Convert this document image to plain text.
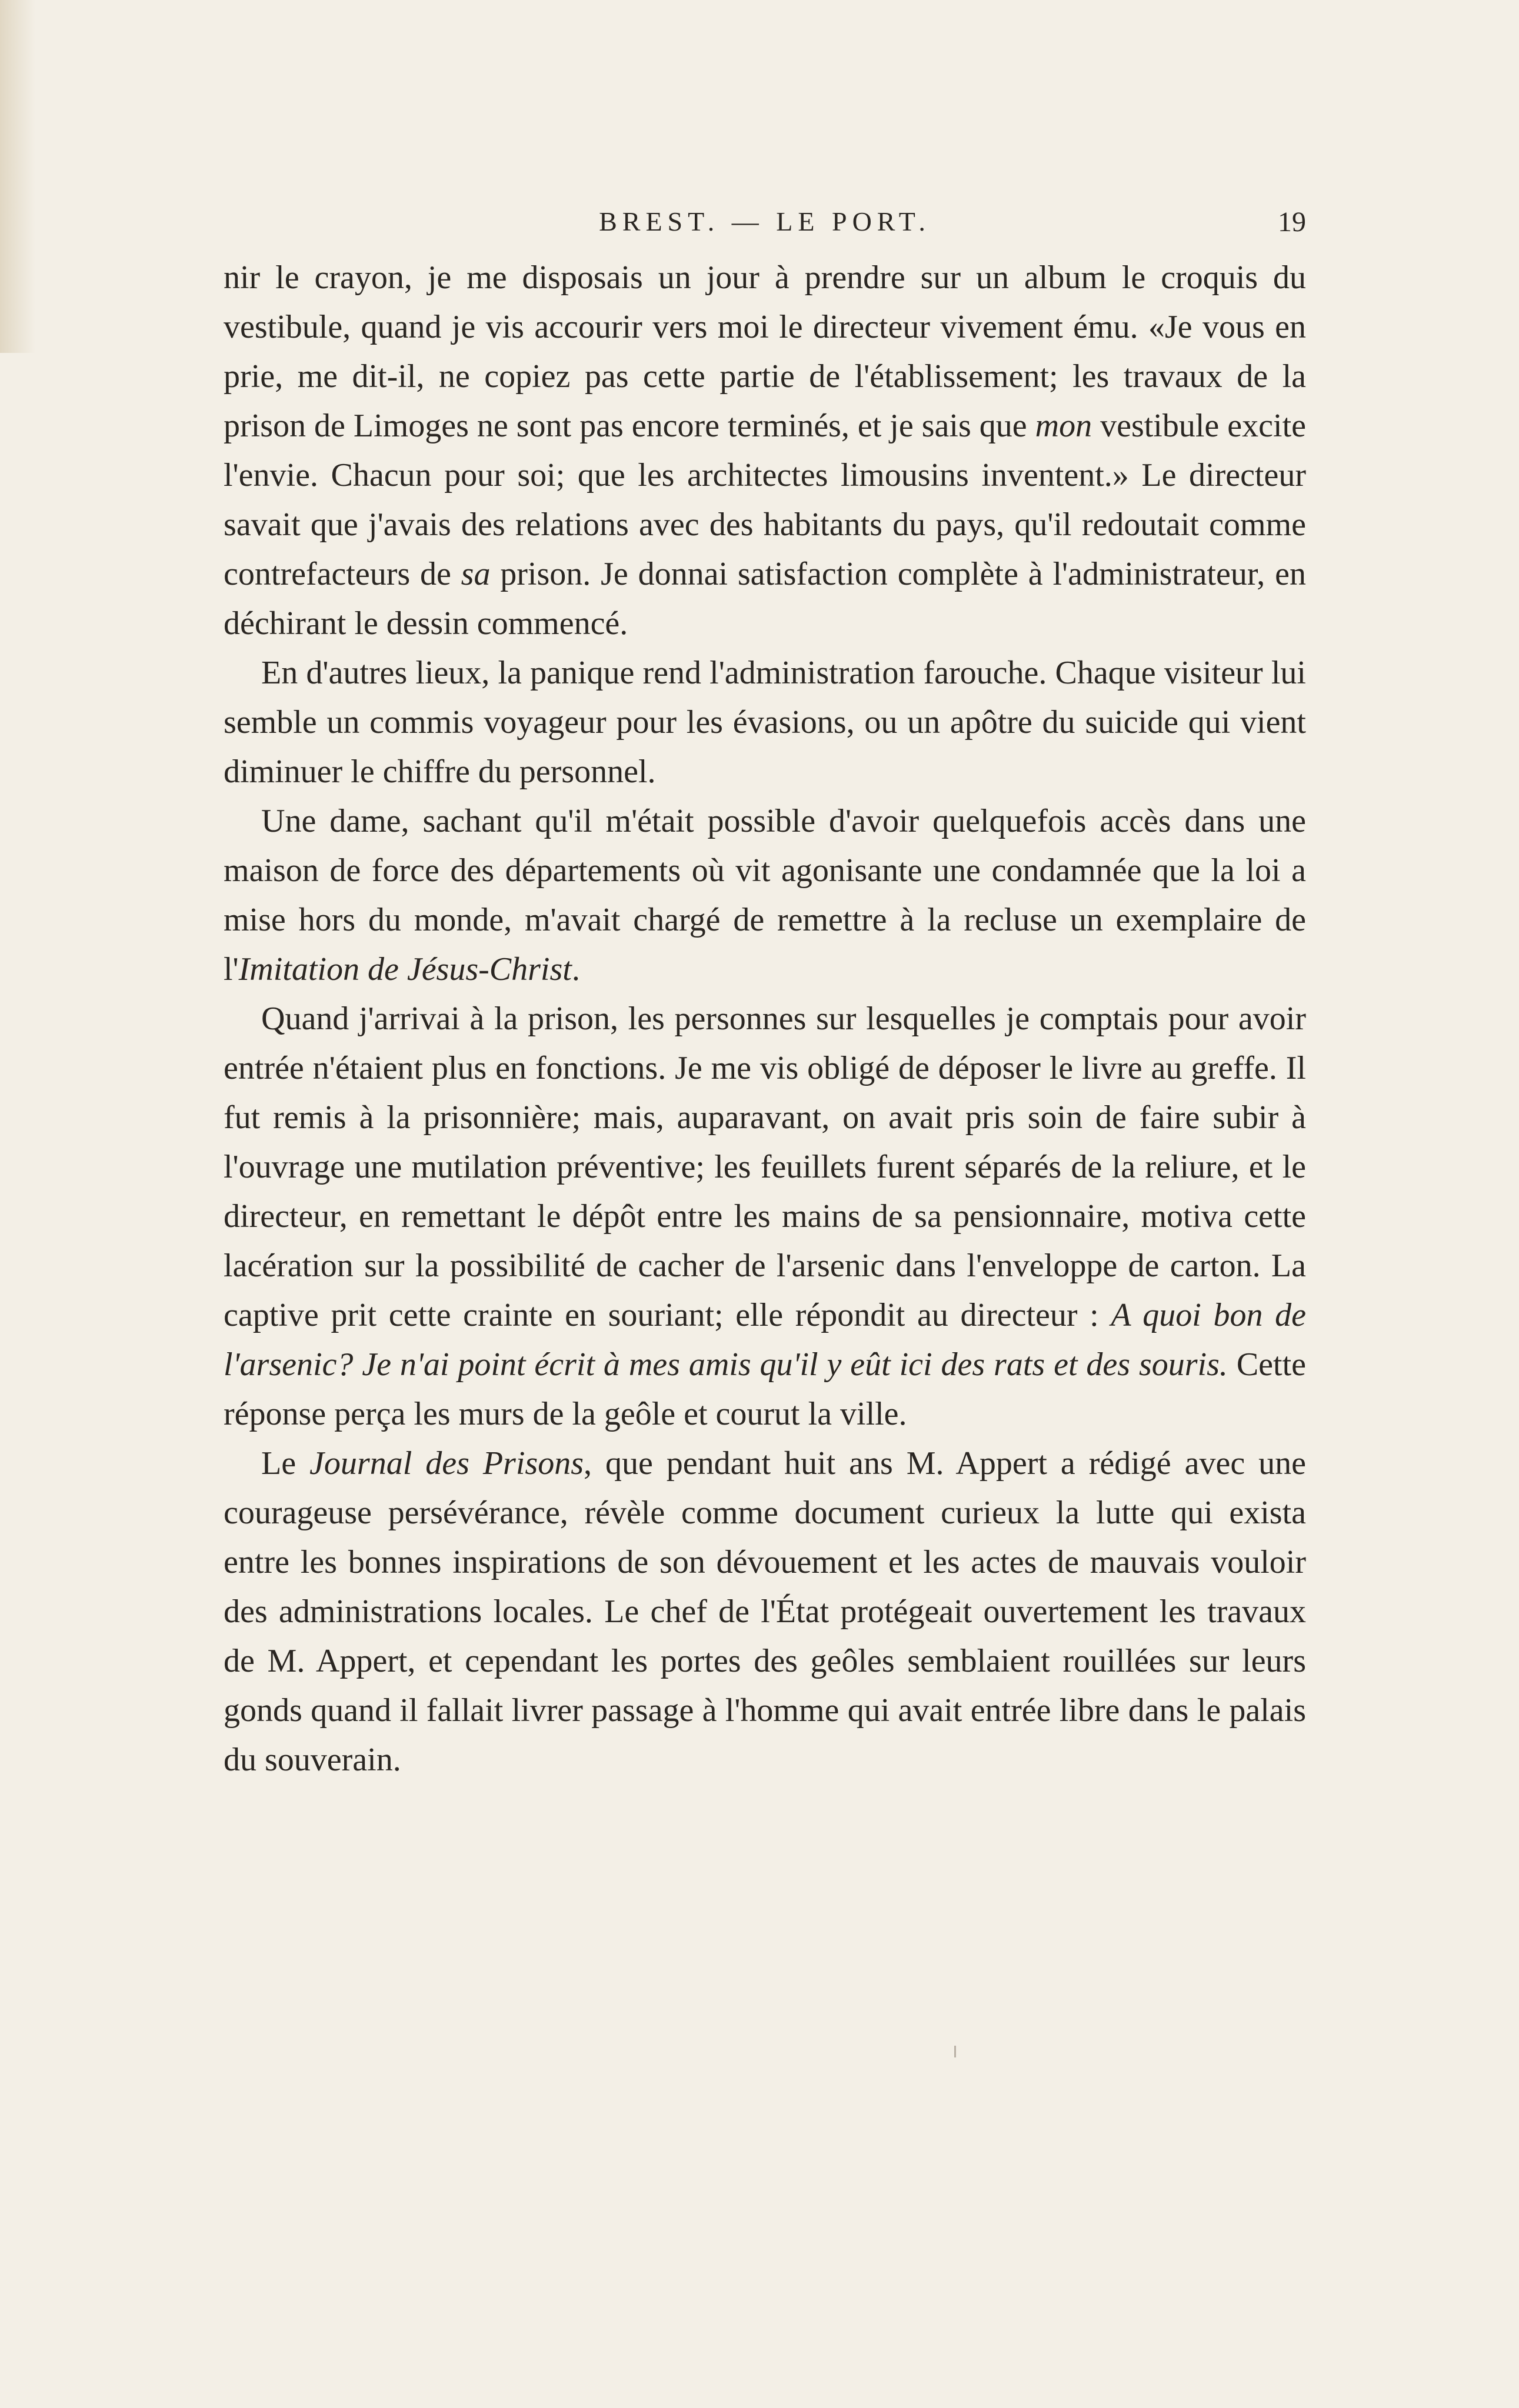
BREST. — LE PORT.	19

nir le crayon, je me disposais un jour à prendre sur un album le croquis du vestibule, quand je vis accourir vers moi le directeur vivement ému. «Je vous en prie, me dit-il, ne copiez pas cette partie de l'établissement; les travaux de la prison de Limoges ne sont pas encore terminés, et je sais que mon vestibule excite l'envie. Chacun pour soi; que les architectes limousins inventent.» Le directeur savait que j'avais des relations avec des habitants du pays, qu'il redoutait comme contrefacteurs de sa prison. Je donnai satisfaction complète à l'administrateur, en déchirant le dessin commencé.

En d'autres lieux, la panique rend l'administration farouche. Chaque visiteur lui semble un commis voyageur pour les évasions, ou un apôtre du suicide qui vient diminuer le chiffre du personnel.

Une dame, sachant qu'il m'était possible d'avoir quelquefois accès dans une maison de force des départements où vit agonisante une condamnée que la loi a mise hors du monde, m'avait chargé de remettre à la recluse un exemplaire de l'Imitation de Jésus-Christ.

Quand j'arrivai à la prison, les personnes sur lesquelles je comptais pour avoir entrée n'étaient plus en fonctions. Je me vis obligé de déposer le livre au greffe. Il fut remis à la prisonnière; mais, auparavant, on avait pris soin de faire subir à l'ouvrage une mutilation préventive; les feuillets furent séparés de la reliure, et le directeur, en remettant le dépôt entre les mains de sa pensionnaire, motiva cette lacération sur la possibilité de cacher de l'arsenic dans l'enveloppe de carton. La captive prit cette crainte en souriant; elle répondit au directeur : A quoi bon de l'arsenic? Je n'ai point écrit à mes amis qu'il y eût ici des rats et des souris. Cette réponse perça les murs de la geôle et courut la ville.

Le Journal des Prisons, que pendant huit ans M. Appert a rédigé avec une courageuse persévérance, révèle comme document curieux la lutte qui exista entre les bonnes inspirations de son dévouement et les actes de mauvais vouloir des administrations locales. Le chef de l'État protégeait ouvertement les travaux de M. Appert, et cependant les portes des geôles semblaient rouillées sur leurs gonds quand il fallait livrer passage à l'homme qui avait entrée libre dans le palais du souverain.
